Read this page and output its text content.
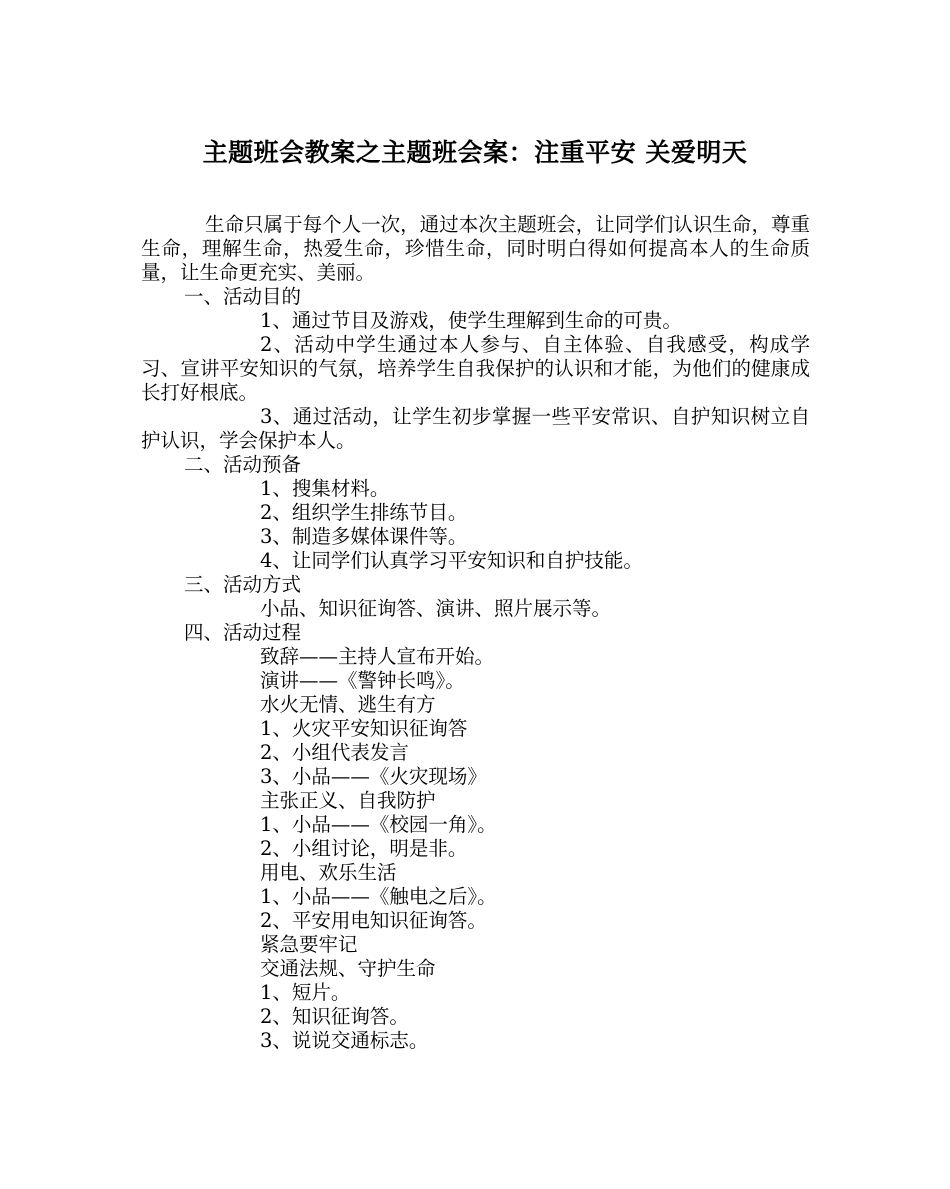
主题班会教案之主题班会案：注重平安 关爱明天

生命只属于每个人一次，通过本次主题班会，让同学们认识生命，尊重生命，理解生命，热爱生命，珍惜生命，同时明白得如何提高本人的生命质量，让生命更充实、美丽。

一、活动目的

1、通过节目及游戏，使学生理解到生命的可贵。

2、活动中学生通过本人参与、自主体验、自我感受，构成学习、宣讲平安知识的气氛，培养学生自我保护的认识和才能，为他们的健康成长打好根底。

3、通过活动，让学生初步掌握一些平安常识、自护知识树立自护认识，学会保护本人。

二、活动预备

1、搜集材料。

2、组织学生排练节目。

3、制造多媒体课件等。

4、让同学们认真学习平安知识和自护技能。

三、活动方式

小品、知识征询答、演讲、照片展示等。

四、活动过程

致辞——主持人宣布开始。

演讲——《警钟长鸣》。

水火无情、逃生有方

1、火灾平安知识征询答

2、小组代表发言

3、小品——《火灾现场》

主张正义、自我防护

1、小品——《校园一角》。

2、小组讨论，明是非。

用电、欢乐生活

1、小品——《触电之后》。

2、平安用电知识征询答。

紧急要牢记

交通法规、守护生命

1、短片。

2、知识征询答。

3、说说交通标志。
